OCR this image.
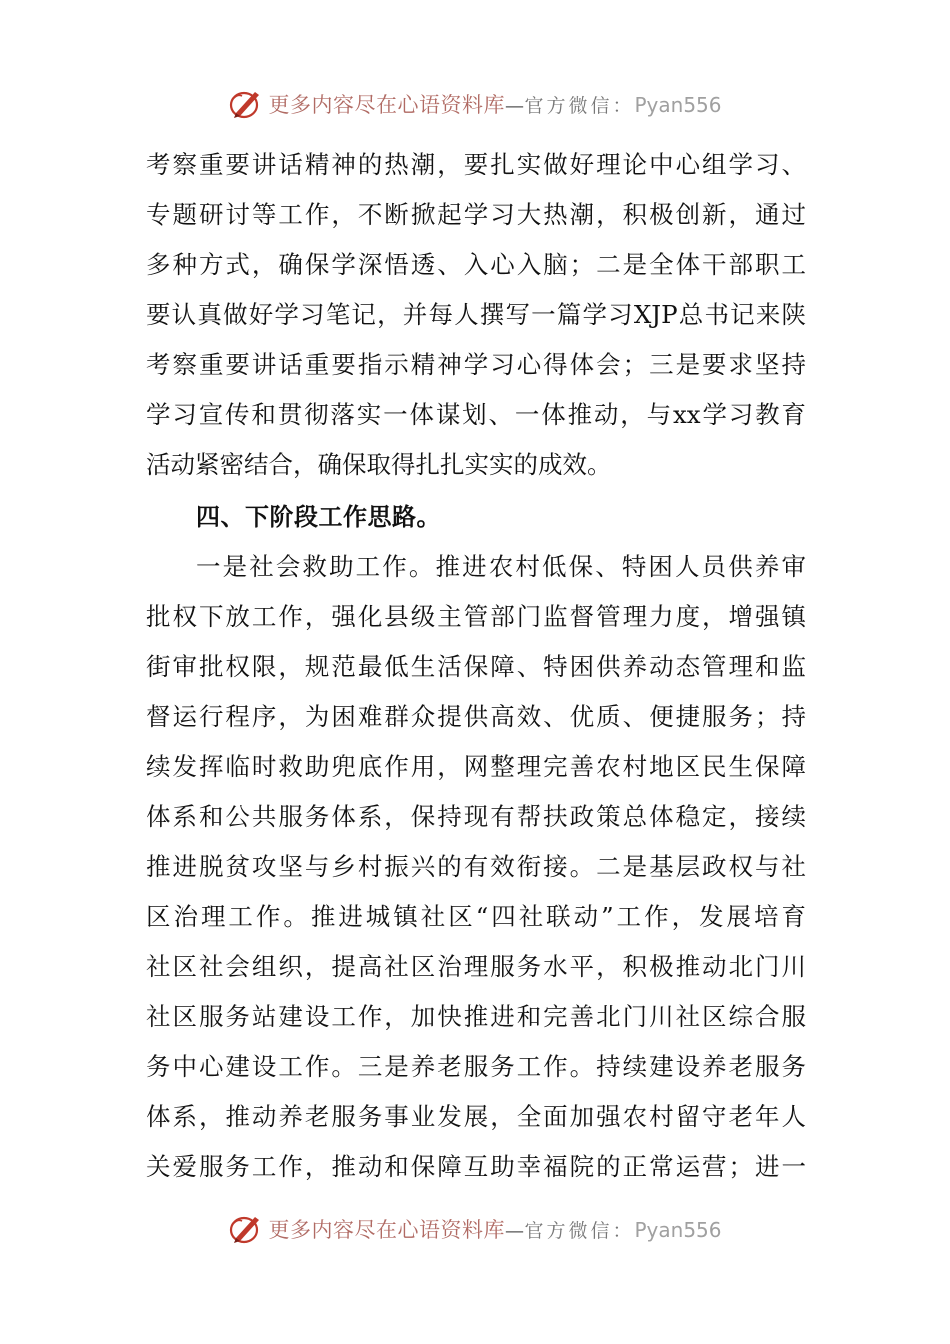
更多内容尽在心语资料库 — 官方微信： Pyan556
考察重要讲话精神的热潮，要扎实做好理论中心组学习、
专题研讨等工作，不断掀起学习大热潮，积极创新，通过
多种方式，确保学深悟透、入心入脑；二是全体干部职工
要认真做好学习笔记，并每人撰写一篇学习XJP总书记来陕
考察重要讲话重要指示精神学习心得体会；三是要求坚持
学习宣传和贯彻落实一体谋划、一体推动，与xx学习教育
活动紧密结合，确保取得扎扎实实的成效。
四、下阶段工作思路。
一是社会救助工作。推进农村低保、特困人员供养审
批权下放工作，强化县级主管部门监督管理力度，增强镇
街审批权限，规范最低生活保障、特困供养动态管理和监
督运行程序，为困难群众提供高效、优质、便捷服务；持
续发挥临时救助兜底作用，网整理完善农村地区民生保障
体系和公共服务体系，保持现有帮扶政策总体稳定，接续
推进脱贫攻坚与乡村振兴的有效衔接。二是基层政权与社
区治理工作。推进城镇社区“四社联动”工作，发展培育
社区社会组织，提高社区治理服务水平，积极推动北门川
社区服务站建设工作，加快推进和完善北门川社区综合服
务中心建设工作。三是养老服务工作。持续建设养老服务
体系，推动养老服务事业发展，全面加强农村留守老年人
关爱服务工作，推动和保障互助幸福院的正常运营；进一
更多内容尽在心语资料库 — 官方微信： Pyan556
